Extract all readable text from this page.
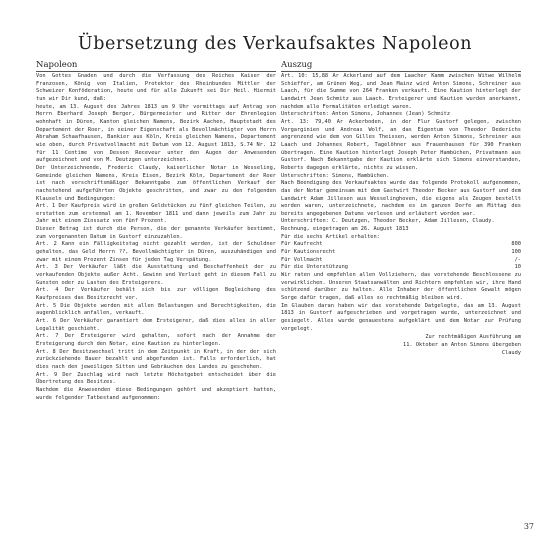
Übersetzung des Verkaufsaktes Napoleon
Napoleon

Von Gottes Gnaden und durch die Verfassung des Reiches Kaiser der Franzosen, König von Italien, Protektor des Rheinbundes Mittler der Schweizer Konföderation, heute und für alle Zukunft sei Dir Heil. Hiermit tun wir Dir kund, daß:

heute, am 13. August des Jahres 1813 um 9 Uhr vormittags auf Antrag von Herrn Eberhard Joseph Berger, Bürgermeister und Ritter der Ehrenlegion wohnhaft in Düren, Kanton gleichen Namens, Bezirk Aachen, Hauptstadt des Departement der Roer, in seiner Eigenschaft als Bevollmächtigter von Herrn Abraham Schaafhausen, Bankier aus Köln, Kreis gleichen Namens, Departement wie oben, durch Privatvollmacht mit Datum vom 12. August 1813, S.74 Nr. 12 für 11 Centime von Dessen Receveur unter den Augen der Anwesenden aufgezeichnet und von M. Deutzgen unterzeichnet.

Der Unterzeichnende, Frederic Claudy, kaiserlicher Notar in Wesseling, Gemeinde gleichen Namens, Kreis Eisen, Bezirk Köln, Departement der Roer ist nach vorschriftsmäßiger Bekanntgabe zum öffentlichen Verkauf der nachstehend aufgeführten Objekte geschritten, und zwar zu den folgenden Klauseln und Bedingungen:

Art. 1 Der Kaufpreis wird in großen Geldstücken zu fünf gleichen Teilen, zu erstatten zum erstenmal am 1. November 1811 und dann jeweils zum Jahr zu Jahr mit einem Zinssatz von fünf Prozent.

Dieser Betrag ist durch die Person, die der genannte Verkäufer bestimmt, zum vorgenannten Datum in Gustorf einzuzahlen.

Art. 2 Kann ein Fälligkeitstag nicht gezahlt werden, ist der Schuldner gehalten, das Geld Herrn ??, Bevollmächtigter in Düren, auszuhändigen und zwar mit einem Prozent Zinsen für jeden Tag Verspätung.

Art. 3 Der Verkäufer läßt die Ausstattung und Beschaffenheit der zu verkaufenden Objekte außer Acht. Gewinn und Verlust geht in diesem Fall zu Gunsten oder zu Lasten des Ersteigerers.

Art. 4 Der Verkäufer behält sich bis zur völligen Begleichung des Kaufpreises das Besitzrecht vor.

Art. 5 Die Objekte werden mit allen Belastungen und Berechtigkeiten, die augenblicklich anfallen, verkauft.

Art. 6 Der Verkäufer garantiert dem Ersteigerer, daß dies alles in aller Legalität geschieht.

Art. 7 Der Ersteigerer wird gehalten, sofort nach der Annahme der Ersteigerung durch den Notar, eine Kaution zu hinterlegen.

Art. 8 Der Besitzwechsel tritt in dem Zeitpunkt in Kraft, in der der sich zurückziehende Bauer bezahlt und abgefunden ist. Falls erforderlich, hat dies nach den jeweiligen Sitten und Gebräuchen des Landes zu geschehen.

Art. 9 Der Zuschlag wird nach letzte Höchstgebot entscheidet über die Übertretung des Besitzes.

Nachdem die Anwesenden diese Bedingungen gehört und akzeptiert hatten, wurde folgender Tatbestand aufgenommen:

Auszug

Art. 10: 15,88 Ar Ackerland auf dem Laacher Kamm zwischen Witwe Wilhelm Schieffer, am Grünen Weg, und Jean Mainz wird Anton Simons, Schreiner aus Laach, für die Summe von 264 Franken verkauft. Eine Kaution hinterlegt der Landwirt Jean Schmitz aus Laach. Ersteigerer und Kaution wurden anerkannt, nachdem alle Formalitäten erledigt waren.

Unterschriften: Anton Simons, Johannes (Jean) Schmitz

Art. 13: 79,40 Ar Ackerboden, in der Flur Gustorf gelegen, zwischen Vorgarginien und Andreas Wolf, an das Eigentum von Theodor Dederichs angrenzend wie dem von Gilles Theissen, werden Anton Simons, Schreiner aus Laach und Johannes Robert, Tagelöhner aus Frauenhausen für 390 Franken übertragen. Eine Kaution hinterlegt Joseph Peter Hambüchen, Privatmann aus Gustorf. Nach Bekanntgabe der Kaution erklärte sich Simons einverstanden, Roberts dagegen erklärte, nichts zu wissen.

Unterschriften: Simons, Hambüchen.

Nach Beendigung des Verkaufsaktes wurde das folgende Protokoll aufgenommen, das der Notar gemeinsam mit dem Gastwirt Theodor Becker aus Gustorf und dem Landwirt Adam Jillesen aus Wesselinghoven, die eigens als Zeugen bestellt worden waren, unterzeichnete, nachdem es im ganzen Dorfe am Mittag des bereits angegebenen Datums verlesen und erläutert worden war.

Unterschriften: C. Deutzgen, Theodor Becker, Adam Jillesen, Claudy.

Rechnung, eingetragen am 26. August 1813

Für die sechs Artikel erhalten:

Für Kaufrecht	800
Für Kautionsrecht	100
Für Vollmacht	/-
Für die Unterstützung	10

Wir raten und empfehlen allen Vollziehern, das vorstehende Beschlossene zu verwirklichen. Unseren Staatsanwälten und Richtern empfehlen wir, ihre Hand schützend darüber zu halten. Alle Inhaber der öffentlichen Gewalt mögen Sorge dafür tragen, daß alles so rechtmäßig bleiben wird.

Im Glauben daran haben wir das vorstehende Datgelegte, das am 13. August 1813 in Gustorf aufgeschrieben und vorgetragen wurde, unterzeichnet und gesiegelt. Alles wurde genauestens aufgeklärt und dem Notar zur Prüfung vorgelegt.

Zur rechtmäßigen Ausführung am

11. Oktober an Anton Simons übergeben

Claudy

37
